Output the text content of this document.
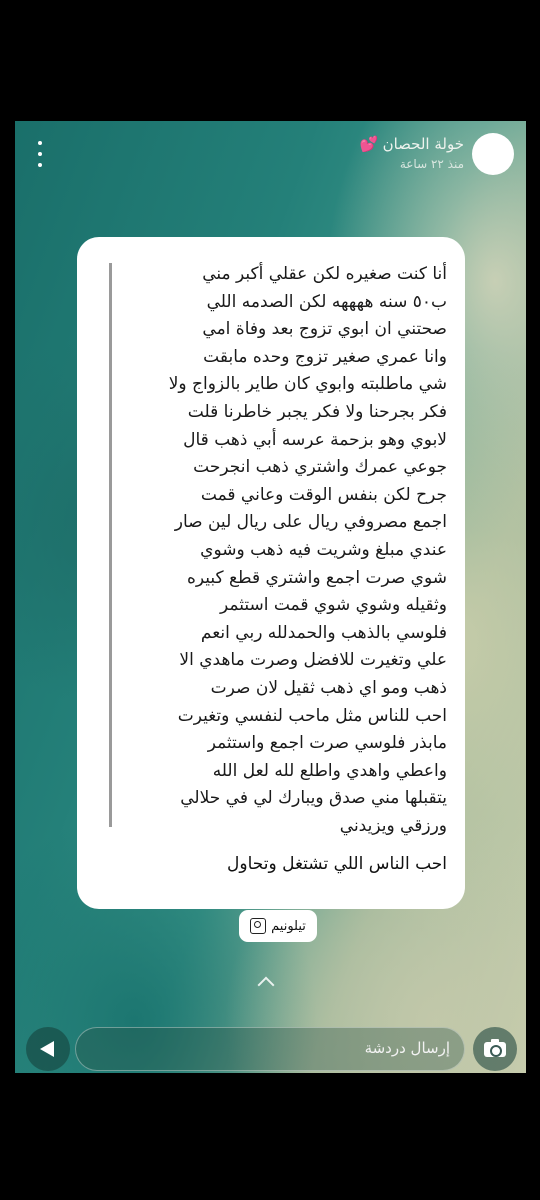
خولة الحصان
💕
منذ ٢٢ ساعة
أنا كنت صغيره لكن عقلي أكبر مني
ب٥٠ سنه ههههه لكن الصدمه اللي
صحتني ان ابوي تزوج بعد وفاة امي
وانا عمري صغير تزوج وحده مابقت
شي ماطلبته وابوي كان طاير بالزواج ولا
فكر بجرحنا ولا فكر يجبر خاطرنا قلت
لابوي وهو بزحمة عرسه أبي ذهب قال
جوعي عمرك واشتري ذهب انجرحت
جرح لكن بنفس الوقت وعاني قمت
اجمع مصروفي ريال على ريال لين صار
عندي مبلغ وشريت فيه ذهب وشوي
شوي صرت اجمع واشتري قطع كبيره
وثقيله وشوي شوي قمت استثمر
فلوسي بالذهب والحمدلله ربي انعم
علي وتغيرت للافضل وصرت ماهدي الا
ذهب ومو اي ذهب ثقيل لان صرت
احب للناس مثل ماحب لنفسي وتغيرت
مابذر فلوسي صرت اجمع واستثمر
واعطي واهدي واطلع لله لعل الله
يتقبلها مني صدق ويبارك لي في حلالي
ورزقي ويزيدني
احب الناس اللي تشتغل وتحاول
تيلونيم
إرسال دردشة
